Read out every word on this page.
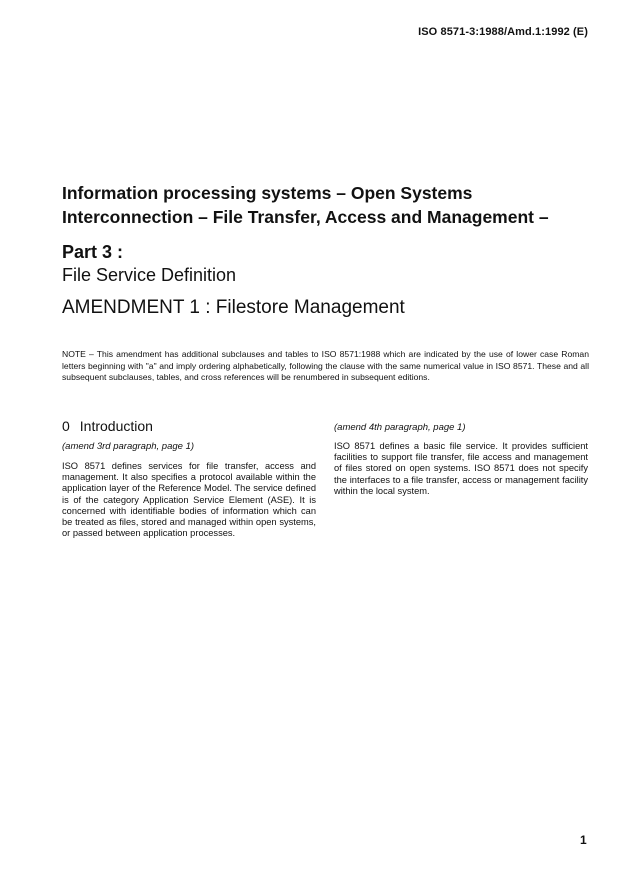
ISO 8571-3:1988/Amd.1:1992 (E)
Information processing systems – Open Systems
Interconnection – File Transfer, Access and Management –
Part 3 :
File Service Definition
AMENDMENT 1 : Filestore Management
NOTE – This amendment has additional subclauses and tables to ISO 8571:1988 which are indicated by the use of lower case Roman letters beginning with "a" and imply ordering alphabetically, following the clause with the same numerical value in ISO 8571. These and all subsequent subclauses, tables, and cross references will be renumbered in subsequent editions.
0 Introduction
(amend 3rd paragraph, page 1)
ISO 8571 defines services for file transfer, access and management. It also specifies a protocol available within the application layer of the Reference Model. The service defined is of the category Application Service Element (ASE). It is concerned with identifiable bodies of information which can be treated as files, stored and managed within open systems, or passed between application processes.
(amend 4th paragraph, page 1)
ISO 8571 defines a basic file service. It provides sufficient facilities to support file transfer, file access and management of files stored on open systems. ISO 8571 does not specify the interfaces to a file transfer, access or management facility within the local system.
1
